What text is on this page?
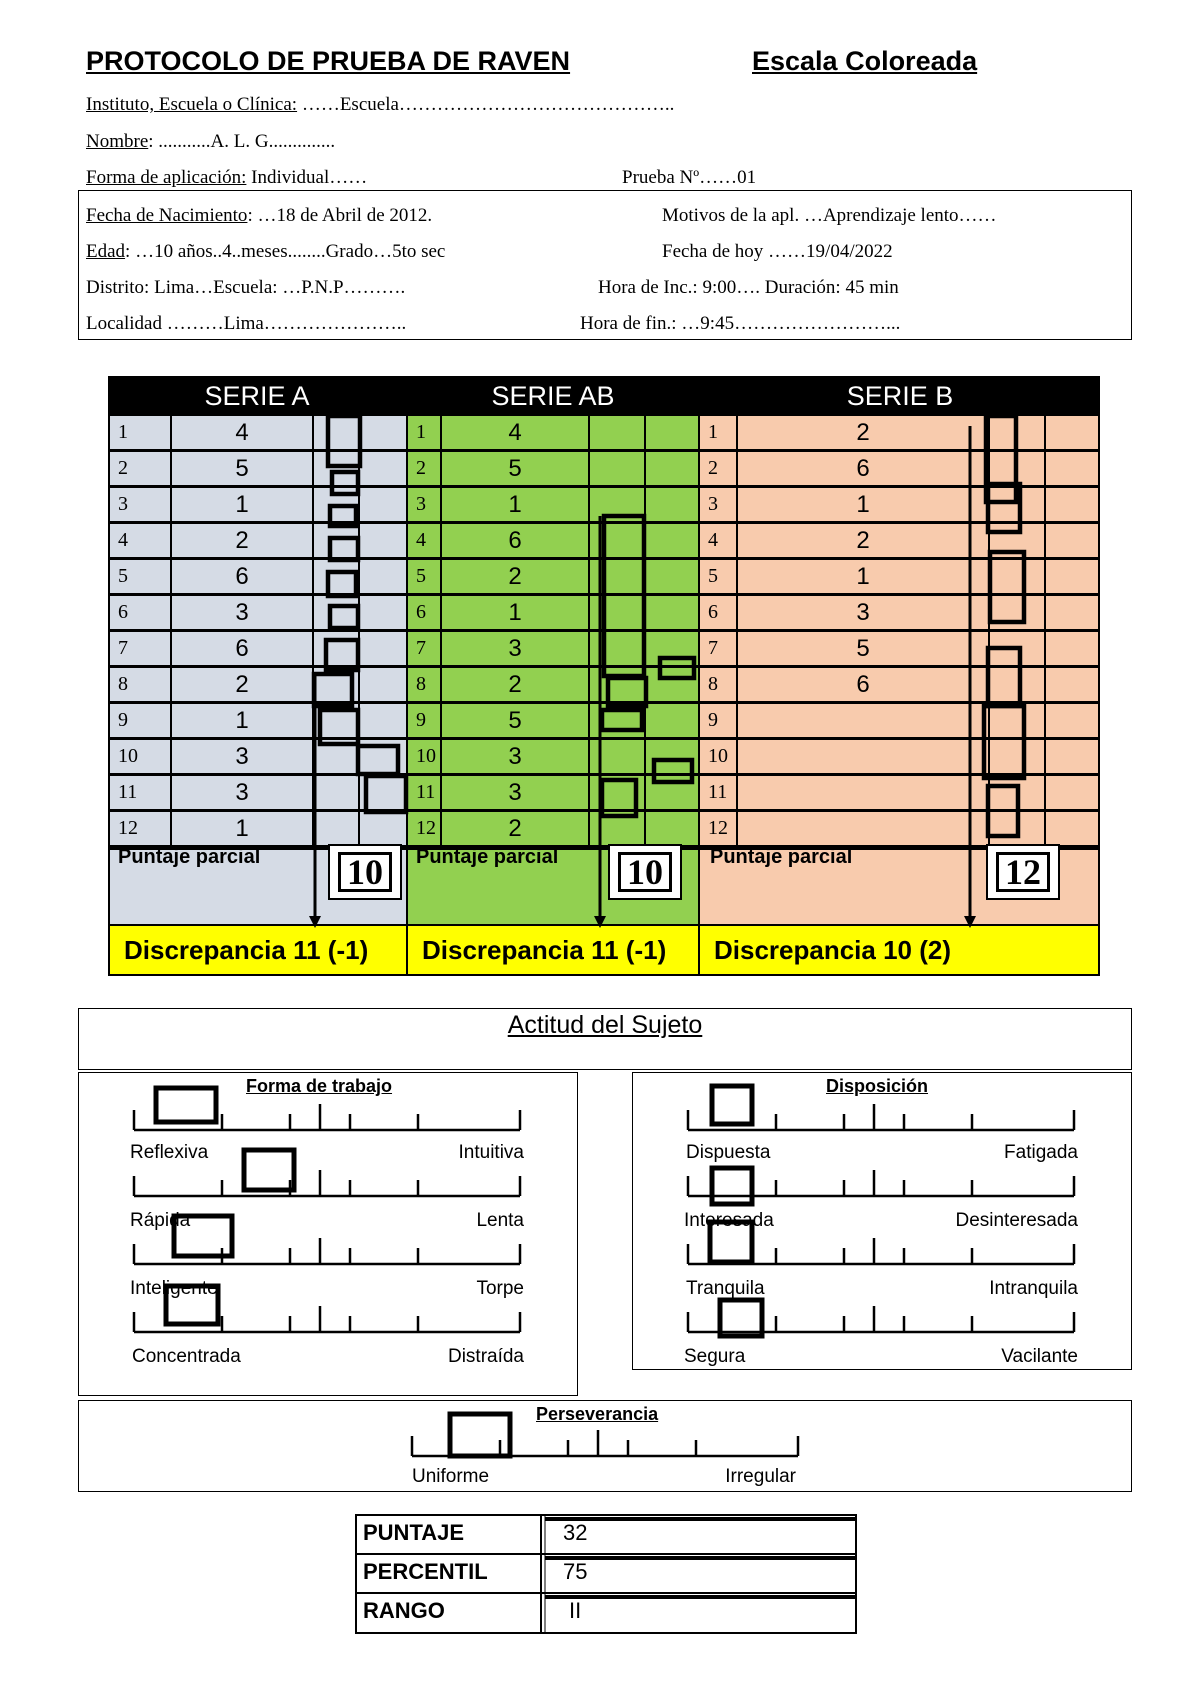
PROTOCOLO DE PRUEBA DE RAVEN	Escala Coloreada
Instituto, Escuela o Clínica: ……Escuela……………………………………..
Nombre: ...........A. L. G..............
Forma de aplicación: Individual……	Prueba Nº……01
Fecha de Nacimiento: …18 de Abril de 2012.
Edad: …10 años..4..meses........Grado…5to sec
Distrito: Lima…Escuela: …P.N.P……….
Localidad ………Lima…………………..
Motivos de la apl. …Aprendizaje lento……
Fecha de hoy ……19/04/2022
Hora de Inc.: 9:00…. Duración: 45 min
Hora de fin.: …9:45……………………...
SERIE A
1	4
2	5
3	1
4	2
5	6
6	3
7	6
8	2
9	1
10	3
11	3
12	1
Puntaje parcial 10
Discrepancia 11 (-1)
SERIE AB
1	4
2	5
3	1
4	6
5	2
6	1
7	3
8	2
9	5
10	3
11	3
12	2
Puntaje parcial 10
Discrepancia 11 (-1)
SERIE B
1	2
2	6
3	1
4	2
5	1
6	3
7	5
8	6
9
10
11
12
Puntaje parcial	12
Discrepancia 10 (2)
Actitud del Sujeto
Forma de trabajo	Disposición
Perseverancia
Reflexiva	Intuitiva
Rápida	Lenta
Inteligente	Torpe
Concentrada	Distraída
Dispuesta	Fatigada
Interesada	Desinteresada
Tranquila	Intranquila
Segura	Vacilante
Uniforme	Irregular
PUNTAJE	32
PERCENTIL	75
RANGO	II
